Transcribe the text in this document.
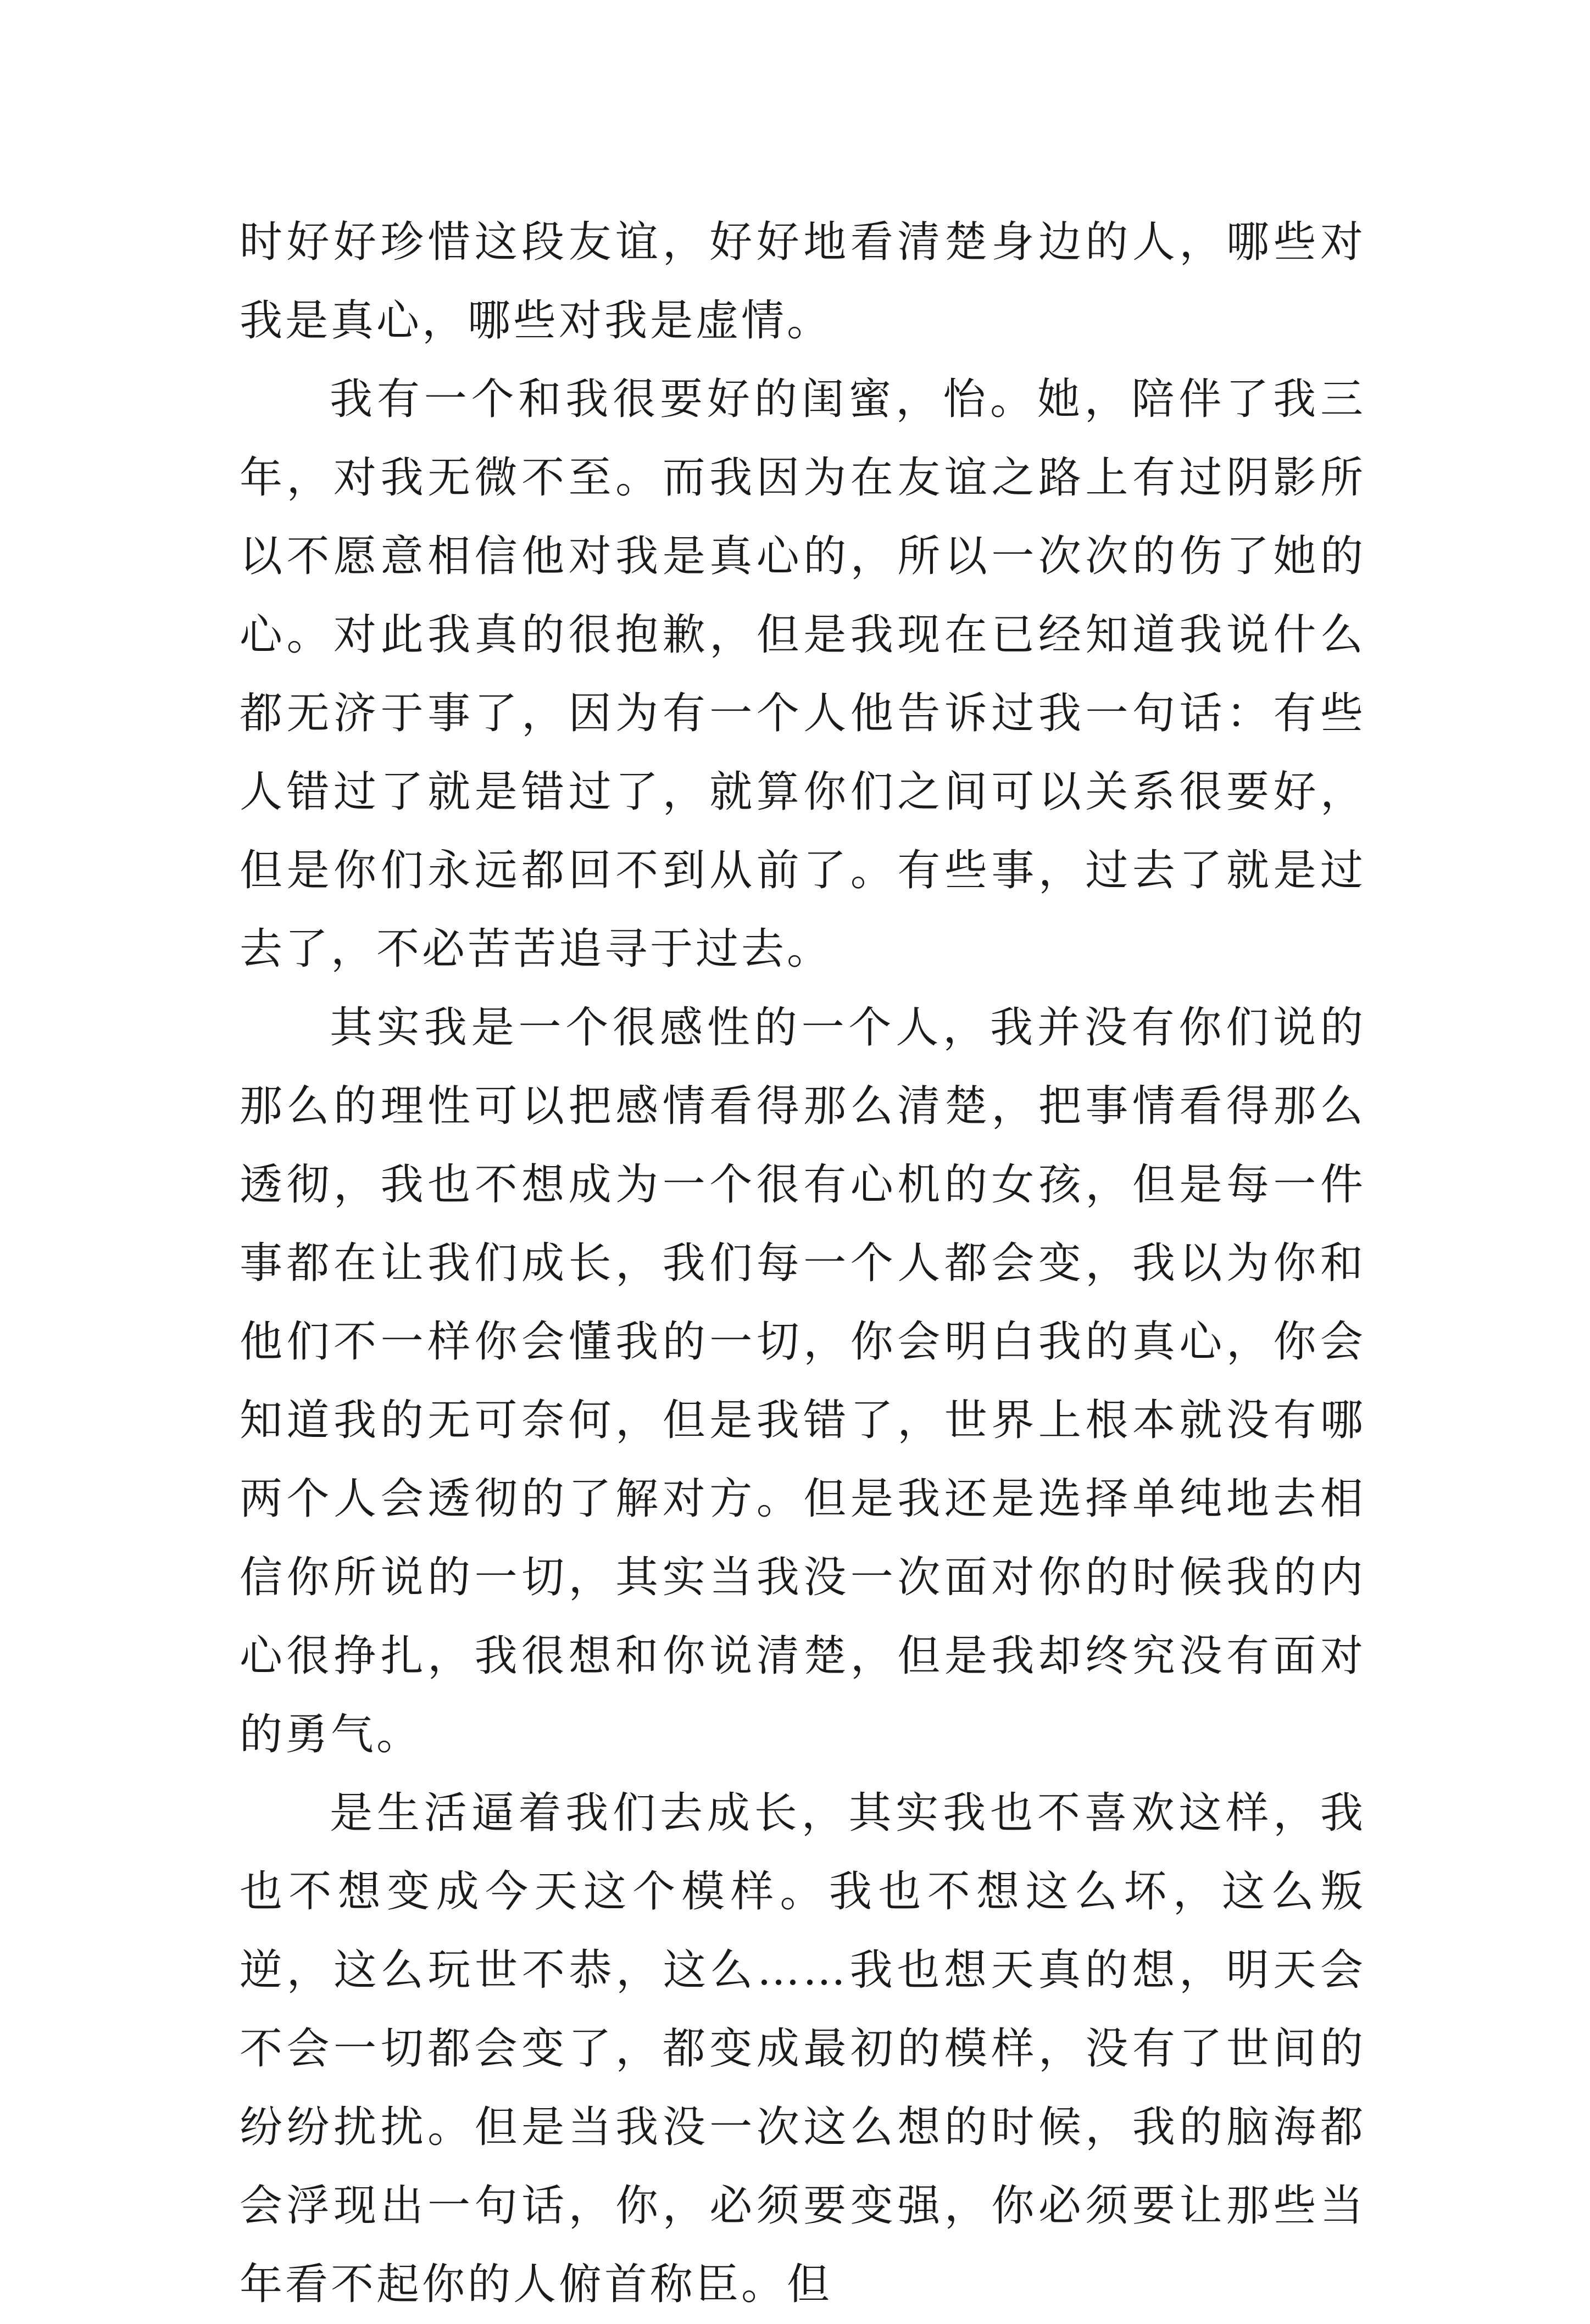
时好好珍惜这段友谊，好好地看清楚身边的人，哪些对我是真心，哪些对我是虚情。

我有一个和我很要好的闺蜜，怡。她，陪伴了我三年，对我无微不至。而我因为在友谊之路上有过阴影所以不愿意相信他对我是真心的，所以一次次的伤了她的心。对此我真的很抱歉，但是我现在已经知道我说什么都无济于事了，因为有一个人他告诉过我一句话：有些人错过了就是错过了，就算你们之间可以关系很要好，但是你们永远都回不到从前了。有些事，过去了就是过去了，不必苦苦追寻于过去。

其实我是一个很感性的一个人，我并没有你们说的那么的理性可以把感情看得那么清楚，把事情看得那么透彻，我也不想成为一个很有心机的女孩，但是每一件事都在让我们成长，我们每一个人都会变，我以为你和他们不一样你会懂我的一切，你会明白我的真心，你会知道我的无可奈何，但是我错了，世界上根本就没有哪两个人会透彻的了解对方。但是我还是选择单纯地去相信你所说的一切，其实当我没一次面对你的时候我的内心很挣扎，我很想和你说清楚，但是我却终究没有面对的勇气。

是生活逼着我们去成长，其实我也不喜欢这样，我也不想变成今天这个模样。我也不想这么坏，这么叛逆，这么玩世不恭，这么……我也想天真的想，明天会不会一切都会变了，都变成最初的模样，没有了世间的纷纷扰扰。但是当我没一次这么想的时候，我的脑海都会浮现出一句话，你，必须要变强，你必须要让那些当年看不起你的人俯首称臣。但
